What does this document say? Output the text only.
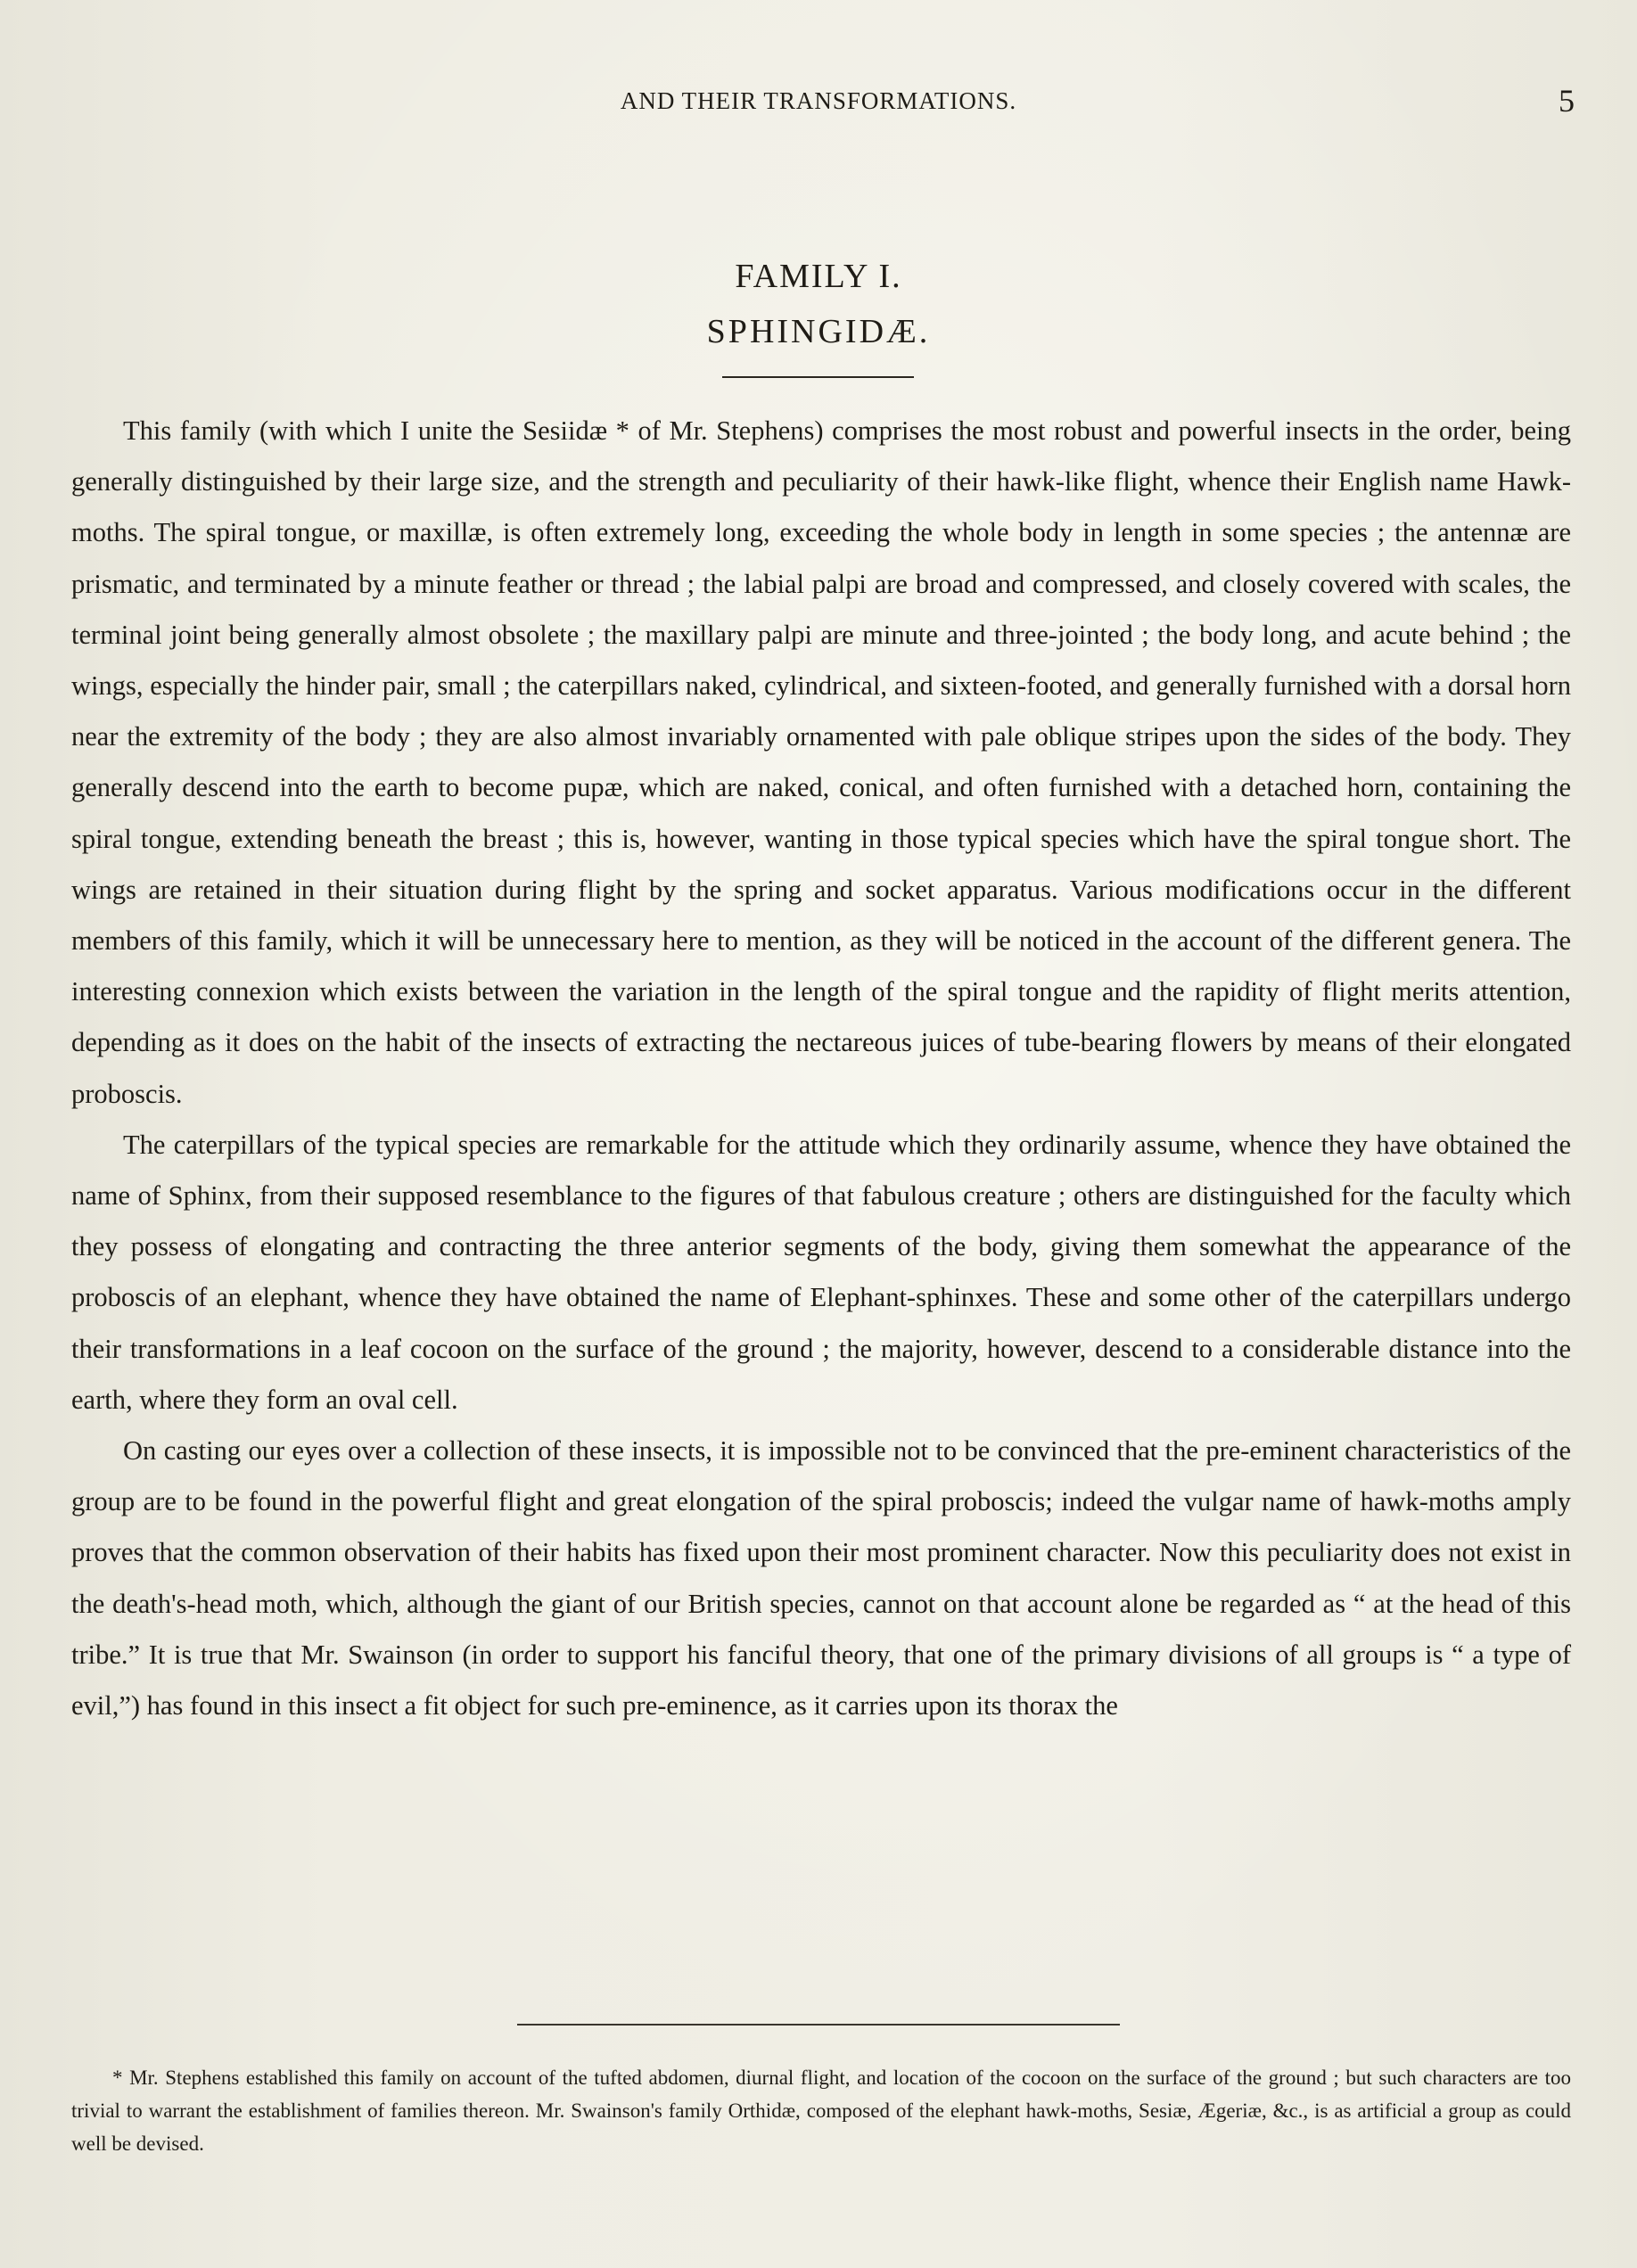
AND THEIR TRANSFORMATIONS.	5
FAMILY I.
SPHINGIDÆ.

This family (with which I unite the Sesiidæ * of Mr. Stephens) comprises the most robust and powerful insects in the order, being generally distinguished by their large size, and the strength and peculiarity of their hawk-like flight, whence their English name Hawk-moths. The spiral tongue, or maxillæ, is often extremely long, exceeding the whole body in length in some species ; the antennæ are prismatic, and terminated by a minute feather or thread ; the labial palpi are broad and compressed, and closely covered with scales, the terminal joint being generally almost obsolete ; the maxillary palpi are minute and three-jointed ; the body long, and acute behind ; the wings, especially the hinder pair, small ; the caterpillars naked, cylindrical, and sixteen-footed, and generally furnished with a dorsal horn near the extremity of the body ; they are also almost invariably ornamented with pale oblique stripes upon the sides of the body. They generally descend into the earth to become pupæ, which are naked, conical, and often furnished with a detached horn, containing the spiral tongue, extending beneath the breast ; this is, however, wanting in those typical species which have the spiral tongue short. The wings are retained in their situation during flight by the spring and socket apparatus. Various modifications occur in the different members of this family, which it will be unnecessary here to mention, as they will be noticed in the account of the different genera. The interesting connexion which exists between the variation in the length of the spiral tongue and the rapidity of flight merits attention, depending as it does on the habit of the insects of extracting the nectareous juices of tube-bearing flowers by means of their elongated proboscis.

The caterpillars of the typical species are remarkable for the attitude which they ordinarily assume, whence they have obtained the name of Sphinx, from their supposed resemblance to the figures of that fabulous creature ; others are distinguished for the faculty which they possess of elongating and contracting the three anterior segments of the body, giving them somewhat the appearance of the proboscis of an elephant, whence they have obtained the name of Elephant-sphinxes. These and some other of the caterpillars undergo their transformations in a leaf cocoon on the surface of the ground ; the majority, however, descend to a considerable distance into the earth, where they form an oval cell.

On casting our eyes over a collection of these insects, it is impossible not to be convinced that the pre-eminent characteristics of the group are to be found in the powerful flight and great elongation of the spiral proboscis; indeed the vulgar name of hawk-moths amply proves that the common observation of their habits has fixed upon their most prominent character. Now this peculiarity does not exist in the death's-head moth, which, although the giant of our British species, cannot on that account alone be regarded as “ at the head of this tribe.” It is true that Mr. Swainson (in order to support his fanciful theory, that one of the primary divisions of all groups is “ a type of evil,”) has found in this insect a fit object for such pre-eminence, as it carries upon its thorax the

* Mr. Stephens established this family on account of the tufted abdomen, diurnal flight, and location of the cocoon on the surface of the ground ; but such characters are too trivial to warrant the establishment of families thereon. Mr. Swainson's family Orthidæ, composed of the elephant hawk-moths, Sesiæ, Ægeriæ, &c., is as artificial a group as could well be devised.
